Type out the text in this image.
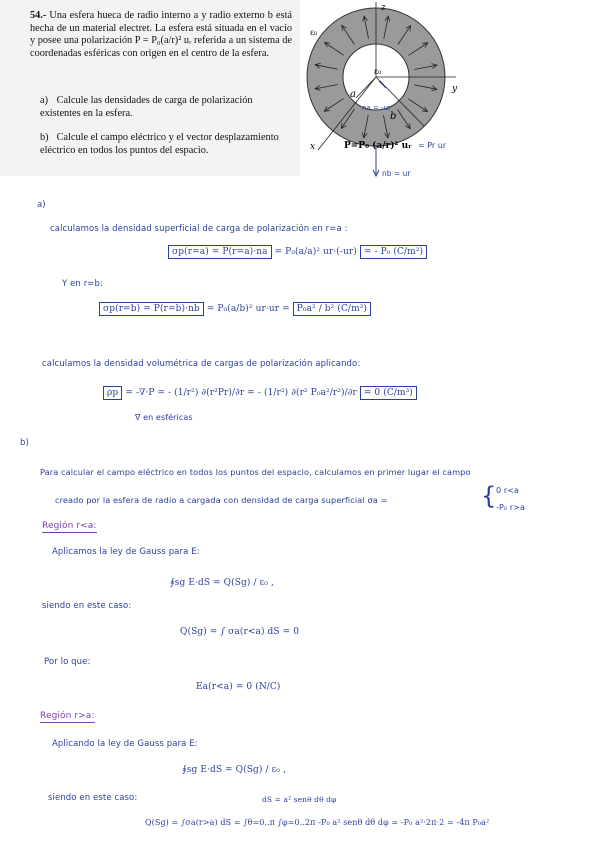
54.- Una esfera hueca de radio interno a y radio externo b está hecha de un material electret. La esfera está situada en el vacío y posee una polarización P = P₀(a/r)² uᵣ referida a un sistema de coordenadas esféricas con origen en el centro de la esfera.

a) Calcule las densidades de carga de polarización existentes en la esfera.

b) Calcule el campo eléctrico y el vector desplazamiento eléctrico en todos los puntos del espacio.

z
y
x
ε₀
ε₀
a
b
na = -ur
nb = ur
P=P₀ (a/r)² uᵣ = Pr ur
a)
calculamos la densidad superficial de carga de polarización en r=a :
σp(r=a) = P(r=a)·na = P₀(a/a)² ur·(-ur) = - P₀ (C/m²)
Y en r=b:
σp(r=b) = P(r=b)·nb = P₀(a/b)² ur·ur = P₀a² / b² (C/m²)
calculamos la densidad volumétrica de cargas de polarización aplicando:
ρp = -∇·P = - (1/r²) ∂(r²Pr)/∂r = - (1/r²) ∂(r² P₀a²/r²)/∂r = 0 (C/m³)
∇ en esféricas
b)
Para calcular el campo eléctrico en todos los puntos del espacio, calculamos en primer lugar el campo
creado por la esfera de radio a cargada con densidad de carga superficial σa =	{ 0 r<a
-P₀ r>a
Región r<a:
Aplicamos la ley de Gauss para E:
∮sg E·dS = Q(Sg) / ε₀ ,
siendo en este caso:
Q(Sg) = ∫ σa(r<a) dS = 0
Por lo que:
Ea(r<a) = 0 (N/C)
Región r>a:
Aplicando la ley de Gauss para E:
∮sg E·dS = Q(Sg) / ε₀ ,
siendo en este caso:	dS = a² senθ dθ dφ
Q(Sg) = ∫σa(r>a) dS = ∫θ=0..π ∫φ=0..2π -P₀ a² senθ dθ dφ = -P₀ a²·2π·2 = -4π P₀a²
